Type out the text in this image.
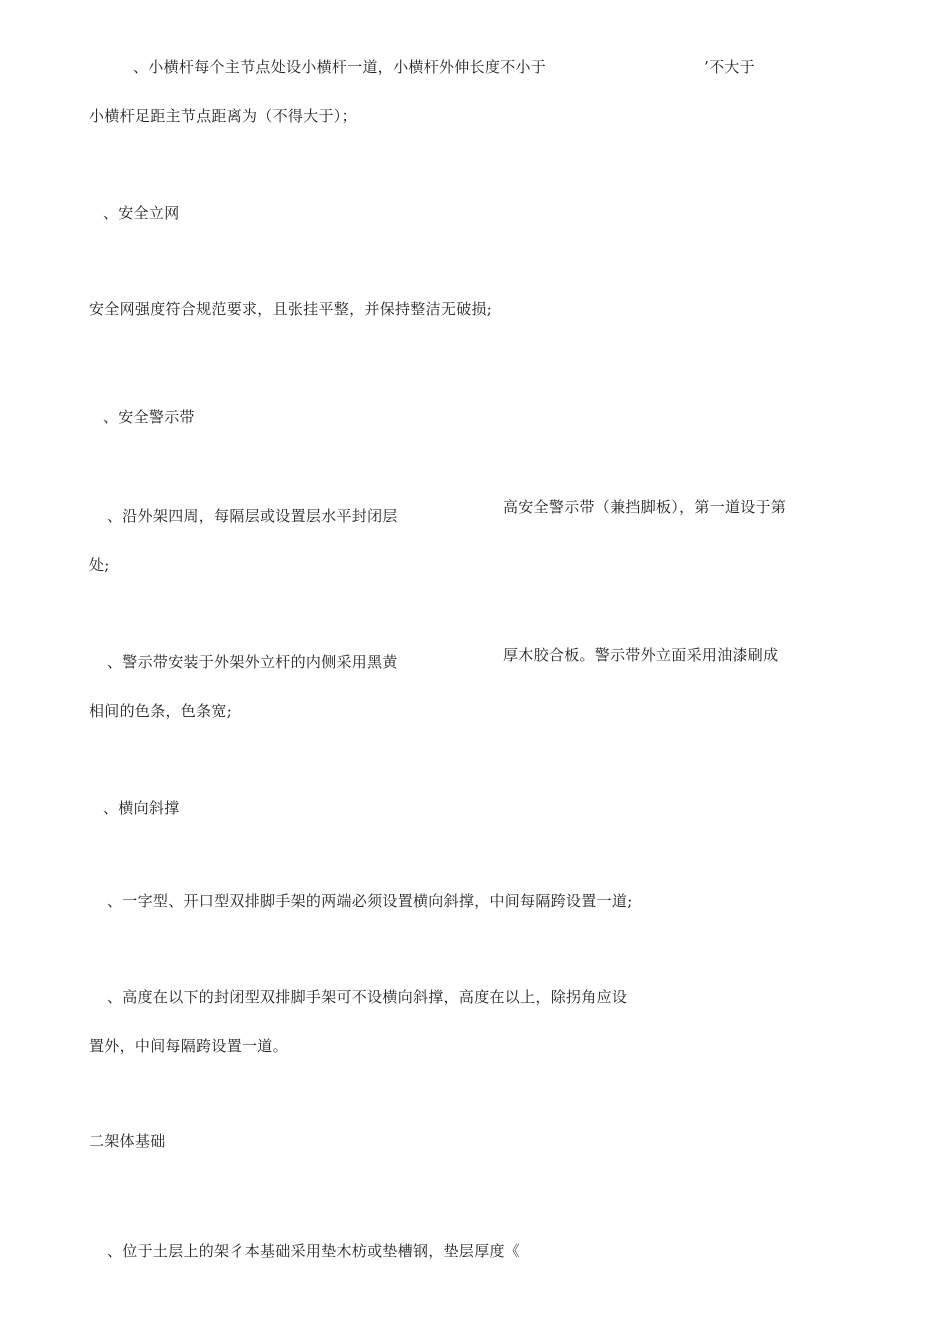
、小横杆每个主节点处设小横杆一道，小横杆外伸长度不小于	’不大于
小横杆足距主节点距离为（不得大于）；
、安全立网
安全网强度符合规范要求，且张挂平整，并保持整洁无破损;
、安全警示带
、沿外架四周，每隔层或设置层水平封闭层	高安全警示带（兼挡脚板），第一道设于第
处;
、警示带安装于外架外立杆的内侧采用黑黄	厚木胶合板。警示带外立面采用油漆刷成
相间的色条，色条宽;
、横向斜撑
、一字型、开口型双排脚手架的两端必须设置横向斜撑，中间每隔跨设置一道;
、高度在以下的封闭型双排脚手架可不设横向斜撑，高度在以上，除拐角应设
置外，中间每隔跨设置一道。
二架体基础
、位于土层上的架彳本基础采用垫木枋或垫槽钢，垫层厚度《
